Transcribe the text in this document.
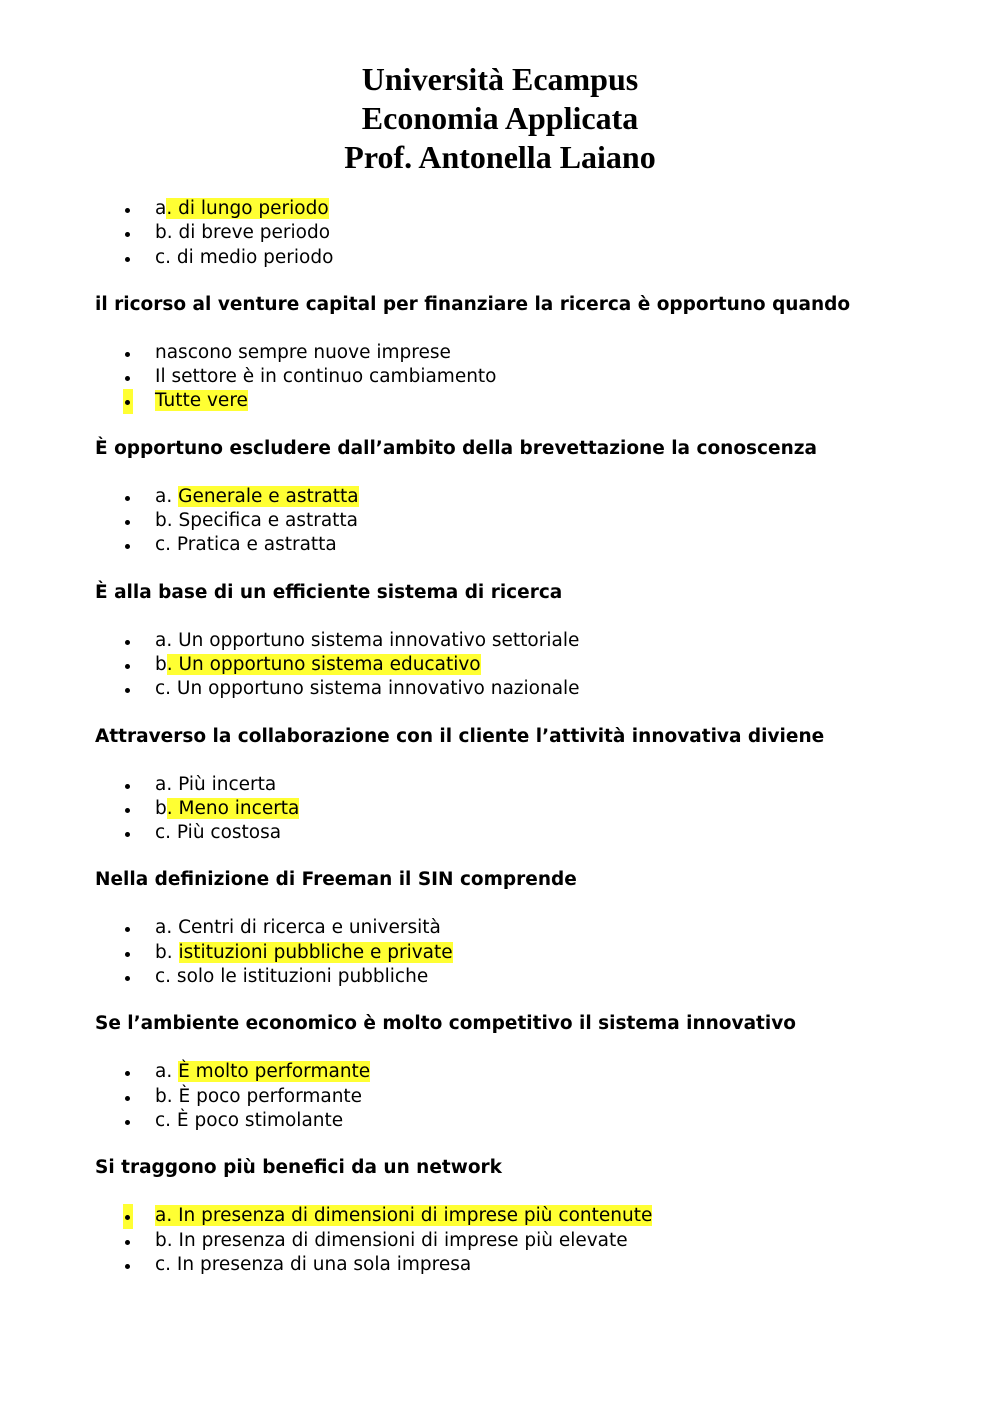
Università Ecampus
Economia Applicata
Prof. Antonella Laiano
a. di lungo periodo
b. di breve periodo
c. di medio periodo

il ricorso al venture capital per finanziare la ricerca è opportuno quando

nascono sempre nuove imprese
Il settore è in continuo cambiamento
Tutte vere

È opportuno escludere dall’ambito della brevettazione la conoscenza

a. Generale e astratta
b. Specifica e astratta
c. Pratica e astratta

È alla base di un efficiente sistema di ricerca

a. Un opportuno sistema innovativo settoriale
b. Un opportuno sistema educativo
c. Un opportuno sistema innovativo nazionale

Attraverso la collaborazione con il cliente l’attività innovativa diviene

a. Più incerta
b. Meno incerta
c. Più costosa

Nella definizione di Freeman il SIN comprende

a. Centri di ricerca e università
b. istituzioni pubbliche e private
c. solo le istituzioni pubbliche

Se l’ambiente economico è molto competitivo il sistema innovativo

a. È molto performante
b. È poco performante
c. È poco stimolante

Si traggono più benefici da un network

a. In presenza di dimensioni di imprese più contenute
b. In presenza di dimensioni di imprese più elevate
c. In presenza di una sola impresa
